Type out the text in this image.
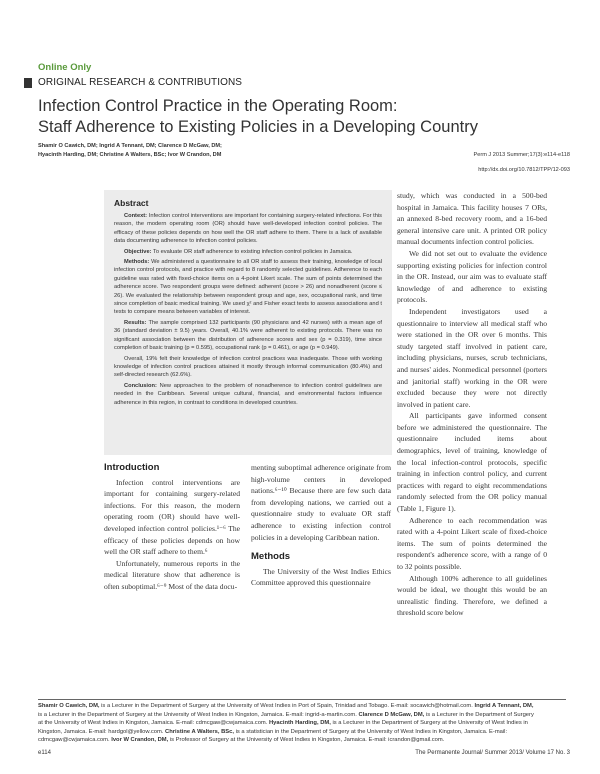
Online Only
ORIGINAL RESEARCH & CONTRIBUTIONS
Infection Control Practice in the Operating Room:
Staff Adherence to Existing Policies in a Developing Country
Shamir O Cawich, DM; Ingrid A Tennant, DM; Clarence D McGaw, DM;
Hyacinth Harding, DM; Christine A Walters, BSc; Ivor W Crandon, DM	Perm J 2013 Summer;17(3):e114-e118
http://dx.doi.org/10.7812/TPP/12-093
Abstract

Context: Infection control interventions are important for containing surgery-related infections. For this reason, the modern operating room (OR) should have well-developed infection control policies. The efficacy of these policies depends on how well the OR staff adhere to them. There is a lack of available data documenting adherence to infection control policies.

Objective: To evaluate OR staff adherence to existing infection control policies in Jamaica.

Methods: We administered a questionnaire to all OR staff to assess their training, knowledge of local infection control protocols, and practice with regard to 8 randomly selected guidelines. Adherence to each guideline was rated with fixed-choice items on a 4-point Likert scale. The sum of points determined the adherence score. Two respondent groups were defined: adherent (score > 26) and nonadherent (score ≤ 26). We evaluated the relationship between respondent group and age, sex, occupational rank, and time since completion of basic medical training. We used χ² and Fisher exact tests to assess associations and t tests to compare means between variables of interest.

Results: The sample comprised 132 participants (90 physicians and 42 nurses) with a mean age of 36 (standard deviation ± 9.5) years. Overall, 40.1% were adherent to existing protocols. There was no significant association between the distribution of adherence scores and sex (p = 0.319), time since completion of basic training (p = 0.595), occupational rank (p = 0.461), or age (p = 0.949).

Overall, 19% felt their knowledge of infection control practices was inadequate. Those with working knowledge of infection control practices attained it mostly through informal communication (80.4%) and self-directed research (62.6%).

Conclusion: New approaches to the problem of nonadherence to infection control guidelines are needed in the Caribbean. Several unique cultural, financial, and environmental factors influence adherence in this region, in contrast to conditions in developed countries.

study, which was conducted in a 500-bed hospital in Jamaica. This facility houses 7 ORs, an annexed 8-bed recovery room, and a 16-bed general intensive care unit. A printed OR policy manual documents infection control policies.

We did not set out to evaluate the evidence supporting existing policies for infection control in the OR. Instead, our aim was to evaluate staff knowledge of and adherence to existing protocols.

Independent investigators used a questionnaire to interview all medical staff who were stationed in the OR over 6 months. This study targeted staff involved in patient care, including physicians, nurses, scrub technicians, and nurses' aides. Nonmedical personnel (porters and janitorial staff) working in the OR were excluded because they were not directly involved in patient care.

All participants gave informed consent before we administered the questionnaire. The questionnaire included items about demographics, level of training, knowledge of the local infection-control protocols, specific training in infection control policy, and current practices with regard to eight recommendations randomly selected from the OR policy manual (Table 1, Figure 1).

Adherence to each recommendation was rated with a 4-point Likert scale of fixed-choice items. The sum of points determined the respondent's adherence score, with a range of 0 to 32 points possible.

Although 100% adherence to all guidelines would be ideal, we thought this would be an unrealistic finding. Therefore, we defined a threshold score below

Introduction

Infection control interventions are important for containing surgery-related infections. For this reason, the modern operating room (OR) should have well-developed infection control policies.¹⁻⁶ The efficacy of these policies depends on how well the OR staff adhere to them.⁶

Unfortunately, numerous reports in the medical literature show that adherence is often suboptimal.⁶⁻⁹ Most of the data docu-

menting suboptimal adherence originate from high-volume centers in developed nations.⁶⁻¹⁰ Because there are few such data from developing nations, we carried out a questionnaire study to evaluate OR staff adherence to existing infection control policies in a developing Caribbean nation.

Methods

The University of the West Indies Ethics Committee approved this questionnaire

Shamir O Cawich, DM, is a Lecturer in the Department of Surgery at the University of West Indies in Port of Spain, Trinidad and Tobago. E-mail: socawich@hotmail.com. Ingrid A Tennant, DM, is a Lecturer in the Department of Surgery at the University of West Indies in Kingston, Jamaica. E-mail: ingrid-a-martin.com. Clarence D McGaw, DM, is a Lecturer in the Department of Surgery at the University of West Indies in Kingston, Jamaica. E-mail: cdmcgaw@cwjamaica.com. Hyacinth Harding, DM, is a Lecturer in the Department of Surgery at the University of West Indies in Kingston, Jamaica. E-mail: hardgol@yellow.com. Christine A Walters, BSc, is a statistician in the Department of Surgery at the University of West Indies in Kingston, Jamaica. E-mail: cdmcgaw@cwjamaica.com. Ivor W Crandon, DM, is Professor of Surgery at the University of West Indies in Kingston, Jamaica. E-mail: icrandon@gmail.com.
e114	The Permanente Journal/ Summer 2013/ Volume 17 No. 3
